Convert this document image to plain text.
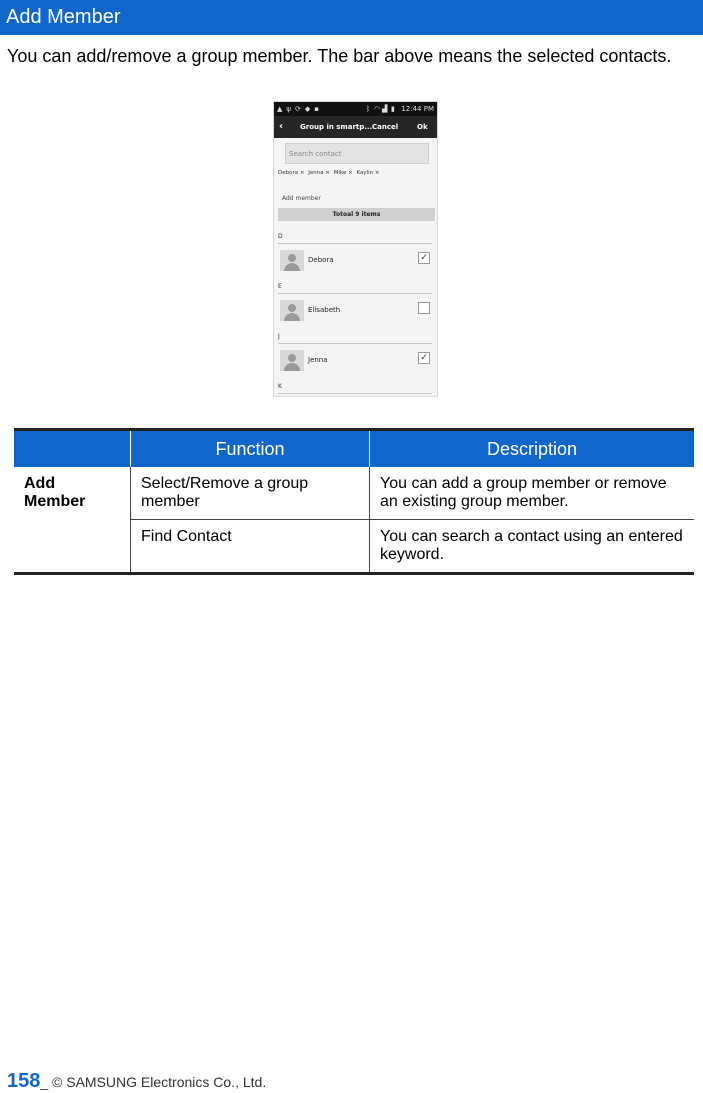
Add Member
You can add/remove a group member. The bar above means the selected contacts.
▲ ψ ⟳ ◆ ▪	ᛒ ◠ ▟ ▮ 12:44 PM
‹ Group in smartp... Cancel	Ok
Search contact
Debora × Jenna × Mike × Kaylin ×
Add member
Totoal 9 items
D
Debora	✓
E
Elisabeth
J
Jenna	✓
K
	Function	Description
Add Member	Select/Remove a group member	You can add a group member or remove an existing group member.
	Find Contact	You can search a contact using an entered keyword.
158_ © SAMSUNG Electronics Co., Ltd.
